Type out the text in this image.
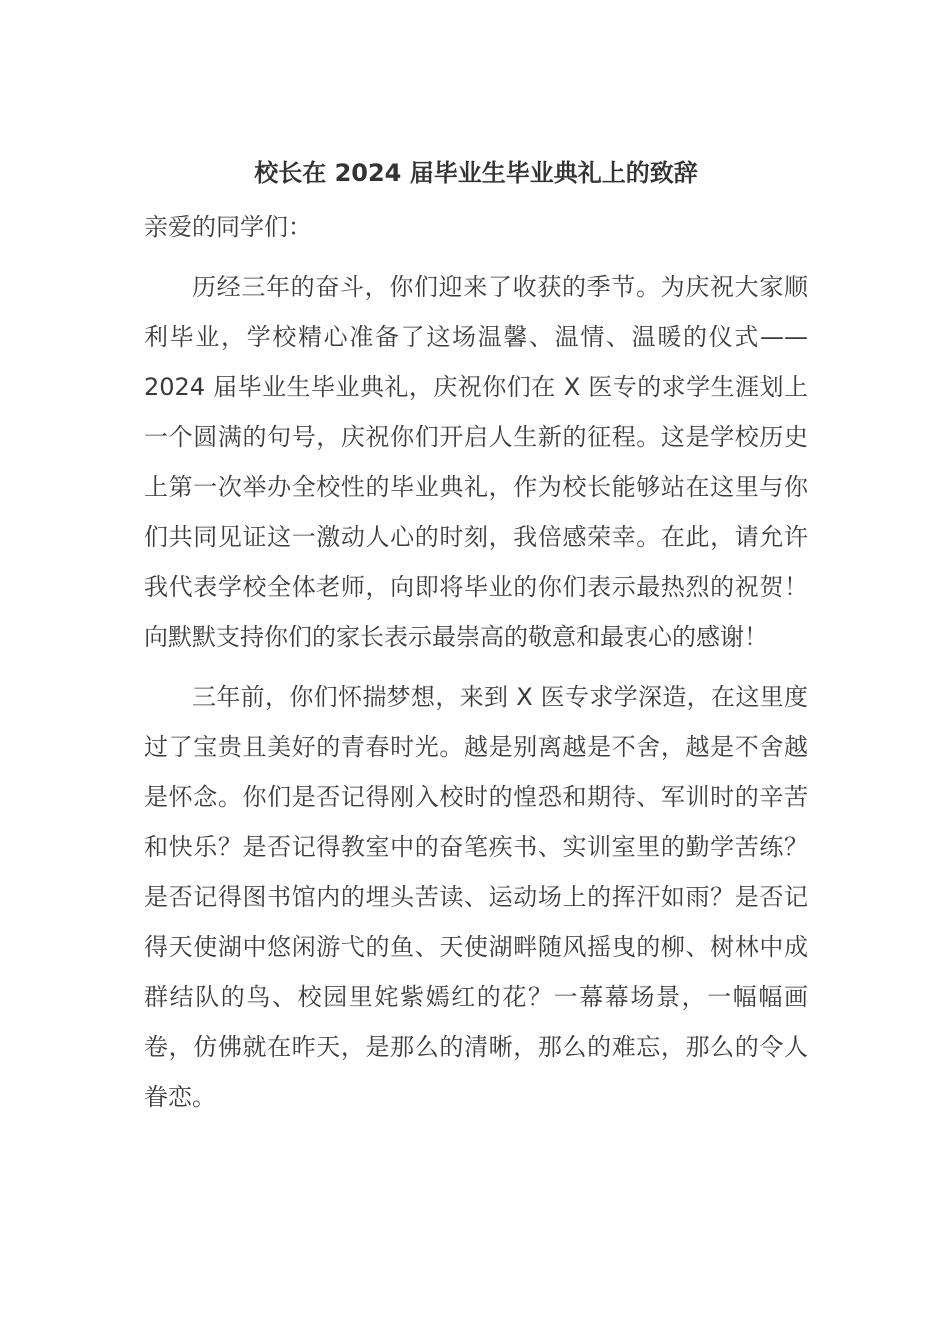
校长在 2024 届毕业生毕业典礼上的致辞
亲爱的同学们：

历经三年的奋斗，你们迎来了收获的季节。为庆祝大家顺利毕业，学校精心准备了这场温馨、温情、温暖的仪式——2024 届毕业生毕业典礼，庆祝你们在 X 医专的求学生涯划上一个圆满的句号，庆祝你们开启人生新的征程。这是学校历史上第一次举办全校性的毕业典礼，作为校长能够站在这里与你们共同见证这一激动人心的时刻，我倍感荣幸。在此，请允许我代表学校全体老师，向即将毕业的你们表示最热烈的祝贺！向默默支持你们的家长表示最崇高的敬意和最衷心的感谢！

三年前，你们怀揣梦想，来到 X 医专求学深造，在这里度过了宝贵且美好的青春时光。越是别离越是不舍，越是不舍越是怀念。你们是否记得刚入校时的惶恐和期待、军训时的辛苦和快乐？是否记得教室中的奋笔疾书、实训室里的勤学苦练？是否记得图书馆内的埋头苦读、运动场上的挥汗如雨？是否记得天使湖中悠闲游弋的鱼、天使湖畔随风摇曳的柳、树林中成群结队的鸟、校园里姹紫嫣红的花？一幕幕场景，一幅幅画卷，仿佛就在昨天，是那么的清晰，那么的难忘，那么的令人眷恋。
